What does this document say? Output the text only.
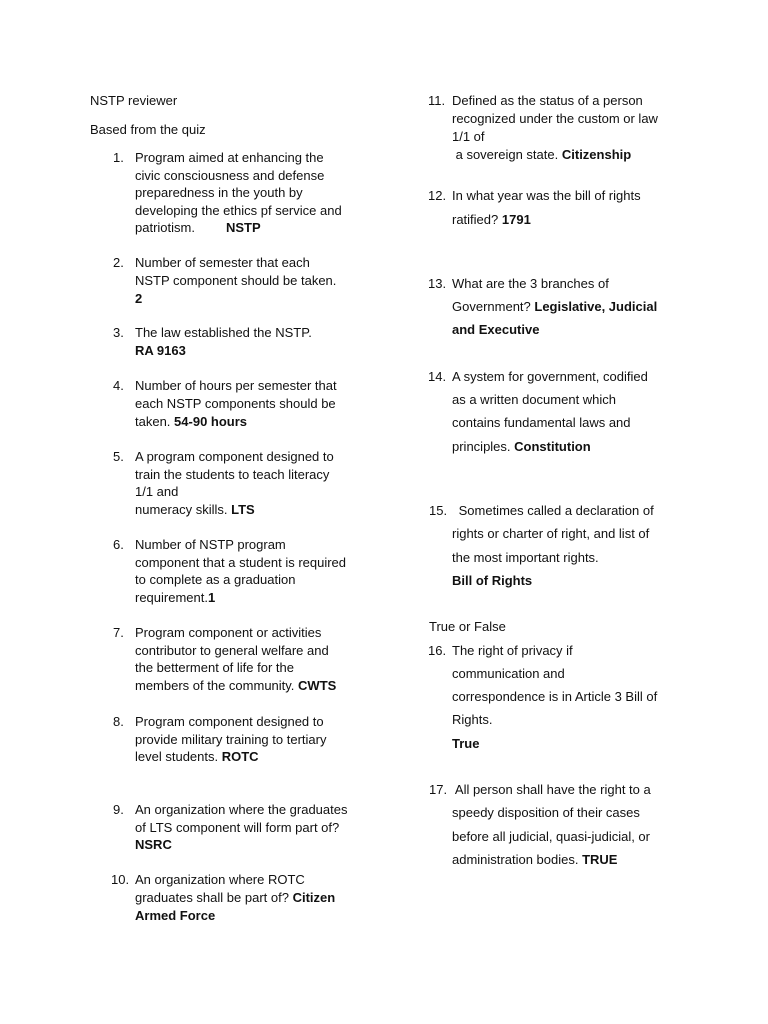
NSTP reviewer
Based from the quiz
1. Program aimed at enhancing the
civic consciousness and defense
preparedness in the youth by
developing the ethics pf service and
patriotism. NSTP
2. Number of semester that each
NSTP component should be taken.
2
3. The law established the NSTP.
RA 9163
4. Number of hours per semester that
each NSTP components should be
taken. 54-90 hours
5. A program component designed to
train the students to teach literacy
1/1 and
numeracy skills. LTS
6. Number of NSTP program
component that a student is required
to complete as a graduation
requirement.1
7. Program component or activities
contributor to general welfare and
the betterment of life for the
members of the community. CWTS
8. Program component designed to
provide military training to tertiary
level students. ROTC
9. An organization where the graduates
of LTS component will form part of?
NSRC
10. An organization where ROTC
graduates shall be part of? Citizen
Armed Force
11. Defined as the status of a person
recognized under the custom or law
1/1 of
a sovereign state. Citizenship
12. In what year was the bill of rights
ratified? 1791
13. What are the 3 branches of
Government? Legislative, Judicial
and Executive
14. A system for government, codified
as a written document which
contains fundamental laws and
principles. Constitution
15. Sometimes called a declaration of
rights or charter of right, and list of
the most important rights.
Bill of Rights
True or False
16. The right of privacy if
communication and
correspondence is in Article 3 Bill of
Rights.
True
17. All person shall have the right to a
speedy disposition of their cases
before all judicial, quasi-judicial, or
administration bodies. TRUE
